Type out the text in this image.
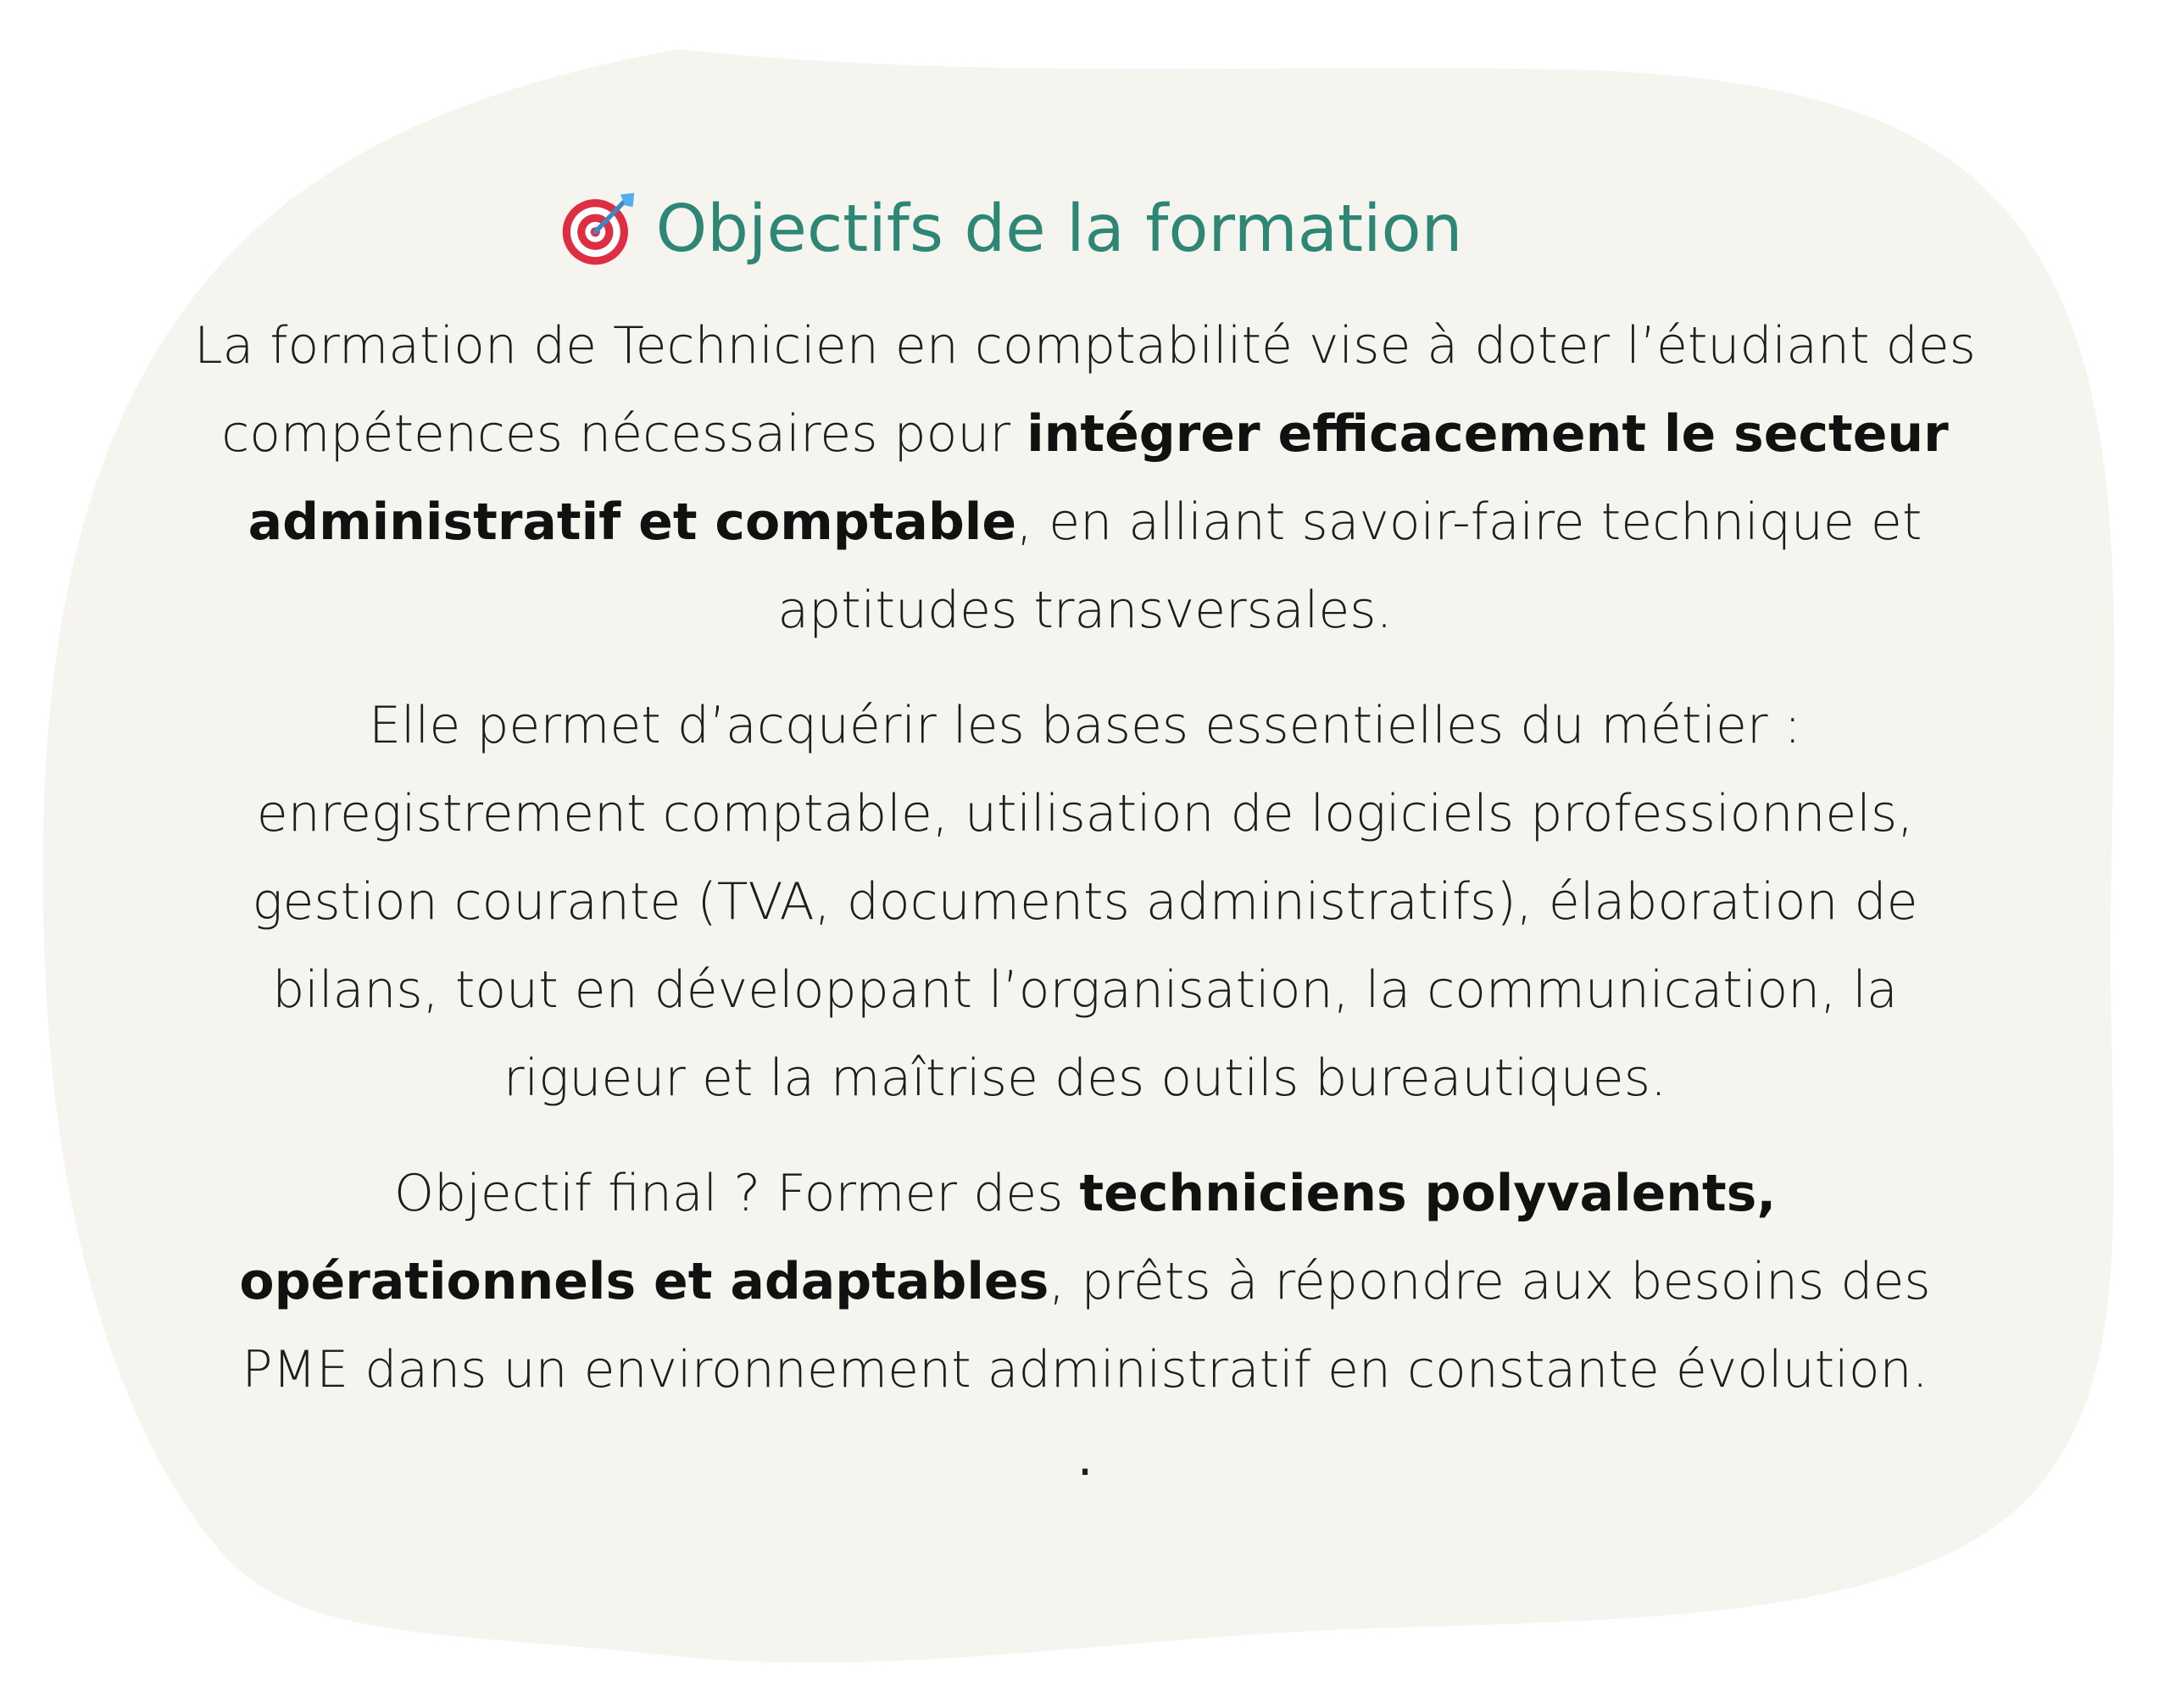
Objectifs de la formation

La formation de Technicien en comptabilité vise à doter l’étudiant des compétences nécessaires pour intégrer efficacement le secteur administratif et comptable, en alliant savoir-faire technique et aptitudes transversales.

Elle permet d’acquérir les bases essentielles du métier : enregistrement comptable, utilisation de logiciels professionnels, gestion courante (TVA, documents administratifs), élaboration de bilans, tout en développant l’organisation, la communication, la rigueur et la maîtrise des outils bureautiques.

Objectif final ? Former des techniciens polyvalents, opérationnels et adaptables, prêts à répondre aux besoins des PME dans un environnement administratif en constante évolution.

.
